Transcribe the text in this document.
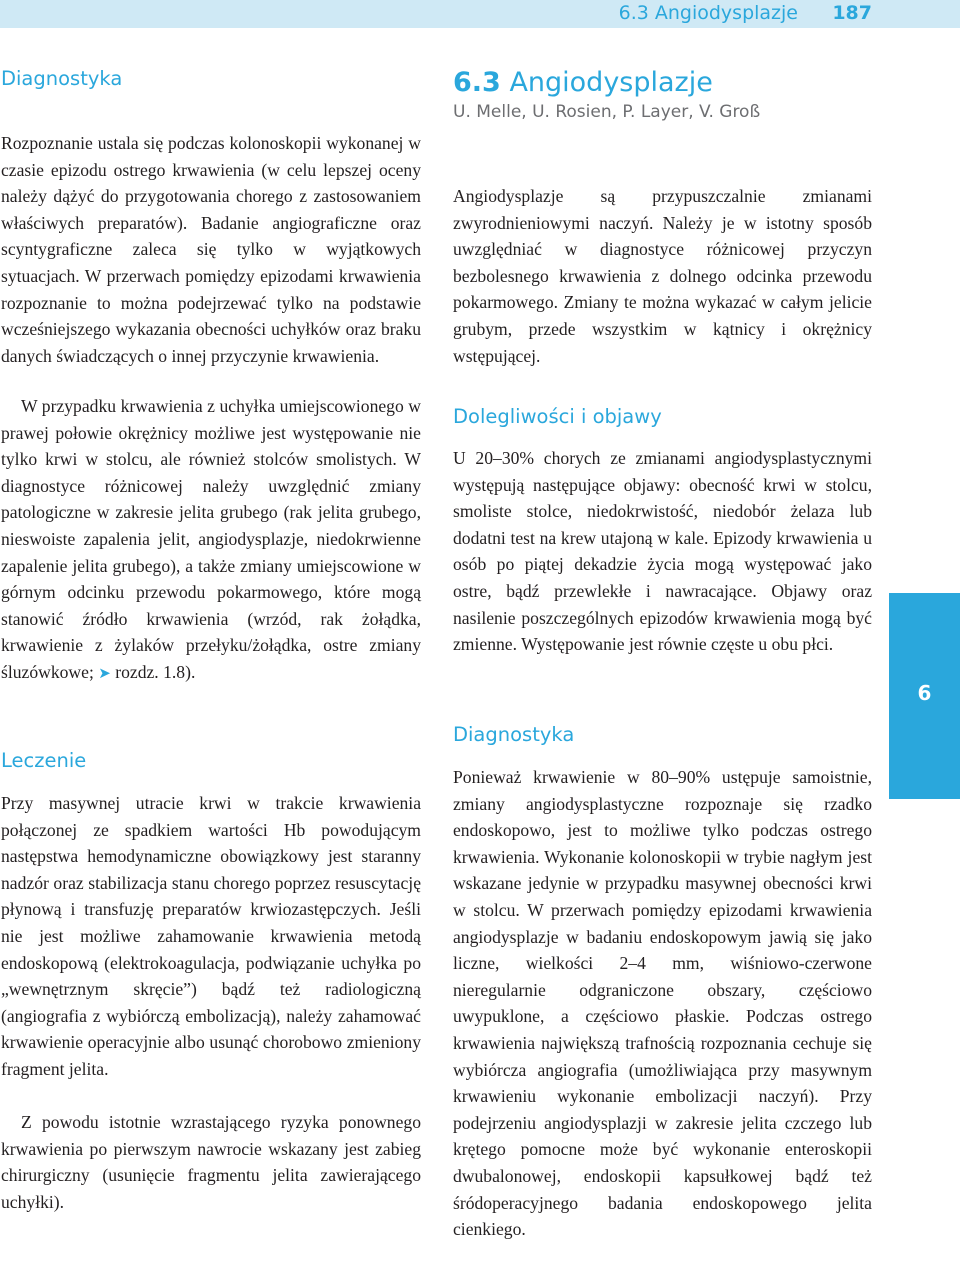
6.3 Angiodysplazje 187
Diagnostyka

Rozpoznanie ustala się podczas kolonoskopii wykonanej w czasie epizodu ostrego krwawienia (w celu lepszej oceny należy dążyć do przygotowania chorego z zastosowaniem właściwych preparatów). Badanie angiograficzne oraz scyntygraficzne zaleca się tylko w wyjątkowych sytuacjach. W przerwach pomiędzy epizodami krwawienia rozpoznanie to można podejrzewać tylko na podstawie wcześniejszego wykazania obecności uchyłków oraz braku danych świadczących o innej przyczynie krwawienia.

W przypadku krwawienia z uchyłka umiejscowionego w prawej połowie okrężnicy możliwe jest występowanie nie tylko krwi w stolcu, ale również stolców smolistych. W diagnostyce różnicowej należy uwzględnić zmiany patologiczne w zakresie jelita grubego (rak jelita grubego, nieswoiste zapalenia jelit, angiodysplazje, niedokrwienne zapalenie jelita grubego), a także zmiany umiejscowione w górnym odcinku przewodu pokarmowego, które mogą stanowić źródło krwawienia (wrzód, rak żołądka, krwawienie z żylaków przełyku/żołądka, ostre zmiany śluzówkowe; ➤ rozdz. 1.8).

Leczenie

Przy masywnej utracie krwi w trakcie krwawienia połączonej ze spadkiem wartości Hb powodującym następstwa hemodynamiczne obowiązkowy jest staranny nadzór oraz stabilizacja stanu chorego poprzez resuscytację płynową i transfuzję preparatów krwiozastępczych. Jeśli nie jest możliwe zahamowanie krwawienia metodą endoskopową (elektrokoagulacja, podwiązanie uchyłka po „wewnętrznym skręcie”) bądź też radiologiczną (angiografia z wybiórczą embolizacją), należy zahamować krwawienie operacyjnie albo usunąć chorobowo zmieniony fragment jelita.

Z powodu istotnie wzrastającego ryzyka ponownego krwawienia po pierwszym nawrocie wskazany jest zabieg chirurgiczny (usunięcie fragmentu jelita zawierającego uchyłki).

6.3 Angiodysplazje
U. Melle, U. Rosien, P. Layer, V. Groß

Angiodysplazje są przypuszczalnie zmianami zwyrodnieniowymi naczyń. Należy je w istotny sposób uwzględniać w diagnostyce różnicowej przyczyn bezbolesnego krwawienia z dolnego odcinka przewodu pokarmowego. Zmiany te można wykazać w całym jelicie grubym, przede wszystkim w kątnicy i okrężnicy wstępującej.

Dolegliwości i objawy

U 20–30% chorych ze zmianami angiodysplastycznymi występują następujące objawy: obecność krwi w stolcu, smoliste stolce, niedokrwistość, niedobór żelaza lub dodatni test na krew utajoną w kale. Epizody krwawienia u osób po piątej dekadzie życia mogą występować jako ostre, bądź przewlekłe i nawracające. Objawy oraz nasilenie poszczególnych epizodów krwawienia mogą być zmienne. Występowanie jest równie częste u obu płci.

Diagnostyka

Ponieważ krwawienie w 80–90% ustępuje samoistnie, zmiany angiodysplastyczne rozpoznaje się rzadko endoskopowo, jest to możliwe tylko podczas ostrego krwawienia. Wykonanie kolonoskopii w trybie nagłym jest wskazane jedynie w przypadku masywnej obecności krwi w stolcu. W przerwach pomiędzy epizodami krwawienia angiodysplazje w badaniu endoskopowym jawią się jako liczne, wielkości 2–4 mm, wiśniowo-czerwone nieregularnie odgraniczone obszary, częściowo uwypuklone, a częściowo płaskie. Podczas ostrego krwawienia największą trafnością rozpoznania cechuje się wybiórcza angiografia (umożliwiająca przy masywnym krwawieniu wykonanie embolizacji naczyń). Przy podejrzeniu angiodysplazji w zakresie jelita czczego lub krętego pomocne może być wykonanie enteroskopii dwubalonowej, endoskopii kapsułkowej bądź też śródoperacyjnego badania endoskopowego jelita cienkiego.

6
